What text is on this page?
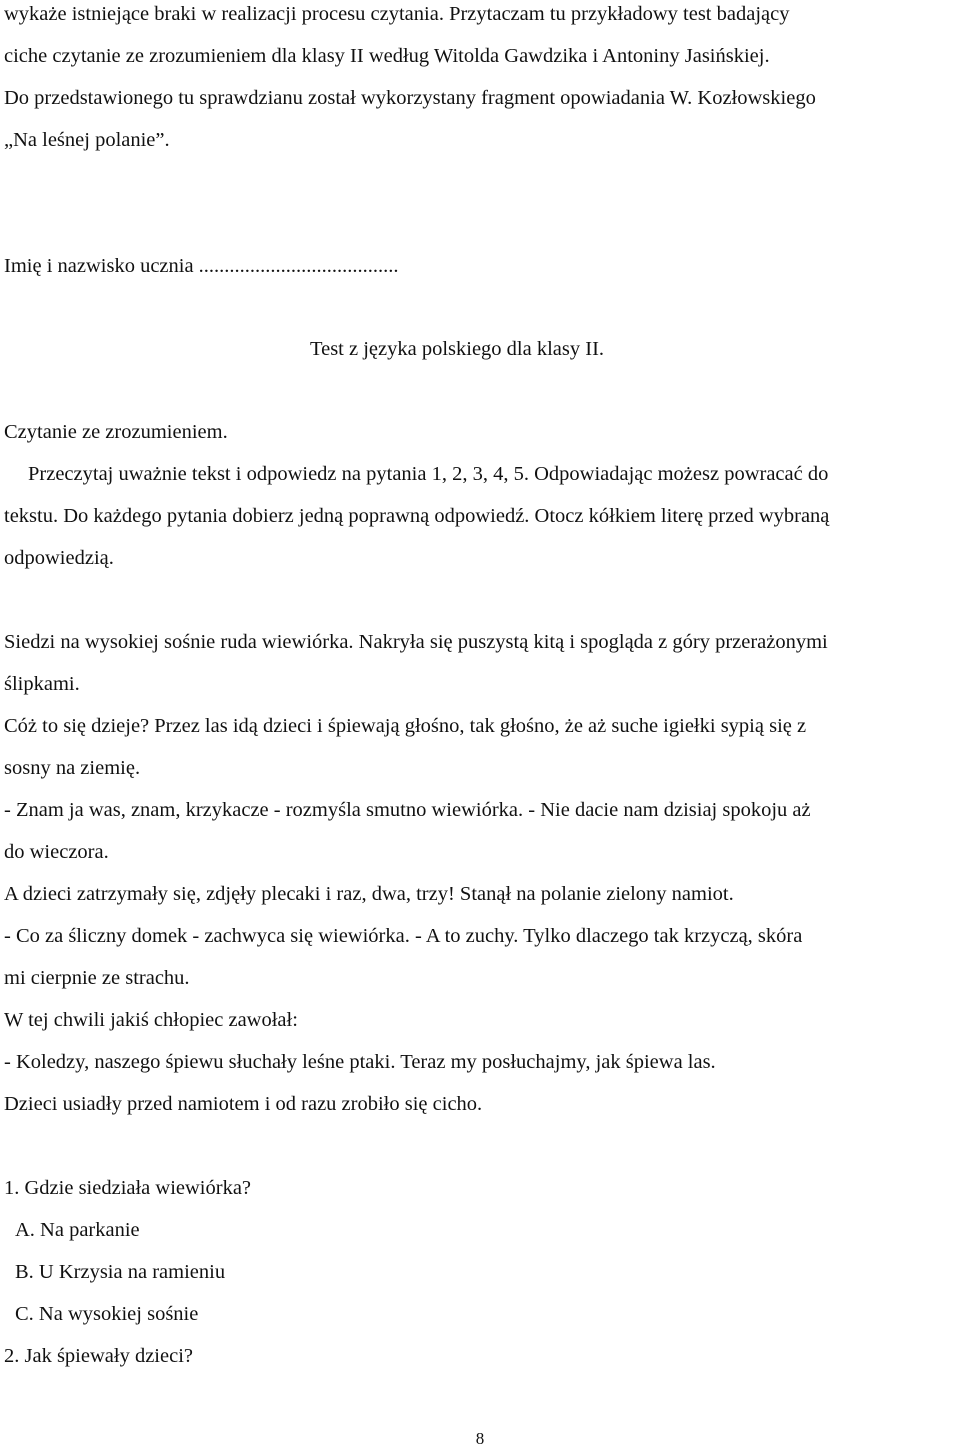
wykaże istniejące braki w realizacji procesu czytania. Przytaczam tu przykładowy test badający
ciche czytanie ze zrozumieniem dla klasy II według Witolda Gawdzika i Antoniny Jasińskiej.
Do przedstawionego tu sprawdzianu został wykorzystany fragment opowiadania W. Kozłowskiego
„Na leśnej polanie”.
Imię i nazwisko ucznia .......................................
Test z języka polskiego dla klasy II.
Czytanie ze zrozumieniem.
Przeczytaj uważnie tekst i odpowiedz na pytania 1, 2, 3, 4, 5. Odpowiadając możesz powracać do
tekstu. Do każdego pytania dobierz jedną poprawną odpowiedź. Otocz kółkiem literę przed wybraną
odpowiedzią.
Siedzi na wysokiej sośnie ruda wiewiórka. Nakryła się puszystą kitą i spogląda z góry przerażonymi
ślipkami.
Cóż to się dzieje? Przez las idą dzieci i śpiewają głośno, tak głośno, że aż suche igiełki sypią się z
sosny na ziemię.
- Znam ja was, znam, krzykacze - rozmyśla smutno wiewiórka. - Nie dacie nam dzisiaj spokoju aż
do wieczora.
A dzieci zatrzymały się, zdjęły plecaki i raz, dwa, trzy! Stanął na polanie zielony namiot.
- Co za śliczny domek - zachwyca się wiewiórka. - A to zuchy. Tylko dlaczego tak krzyczą, skóra
mi cierpnie ze strachu.
W tej chwili jakiś chłopiec zawołał:
- Koledzy, naszego śpiewu słuchały leśne ptaki. Teraz my posłuchajmy, jak śpiewa las.
Dzieci usiadły przed namiotem i od razu zrobiło się cicho.
1. Gdzie siedziała wiewiórka?
A. Na parkanie
B. U Krzysia na ramieniu
C. Na wysokiej sośnie
2. Jak śpiewały dzieci?
8
